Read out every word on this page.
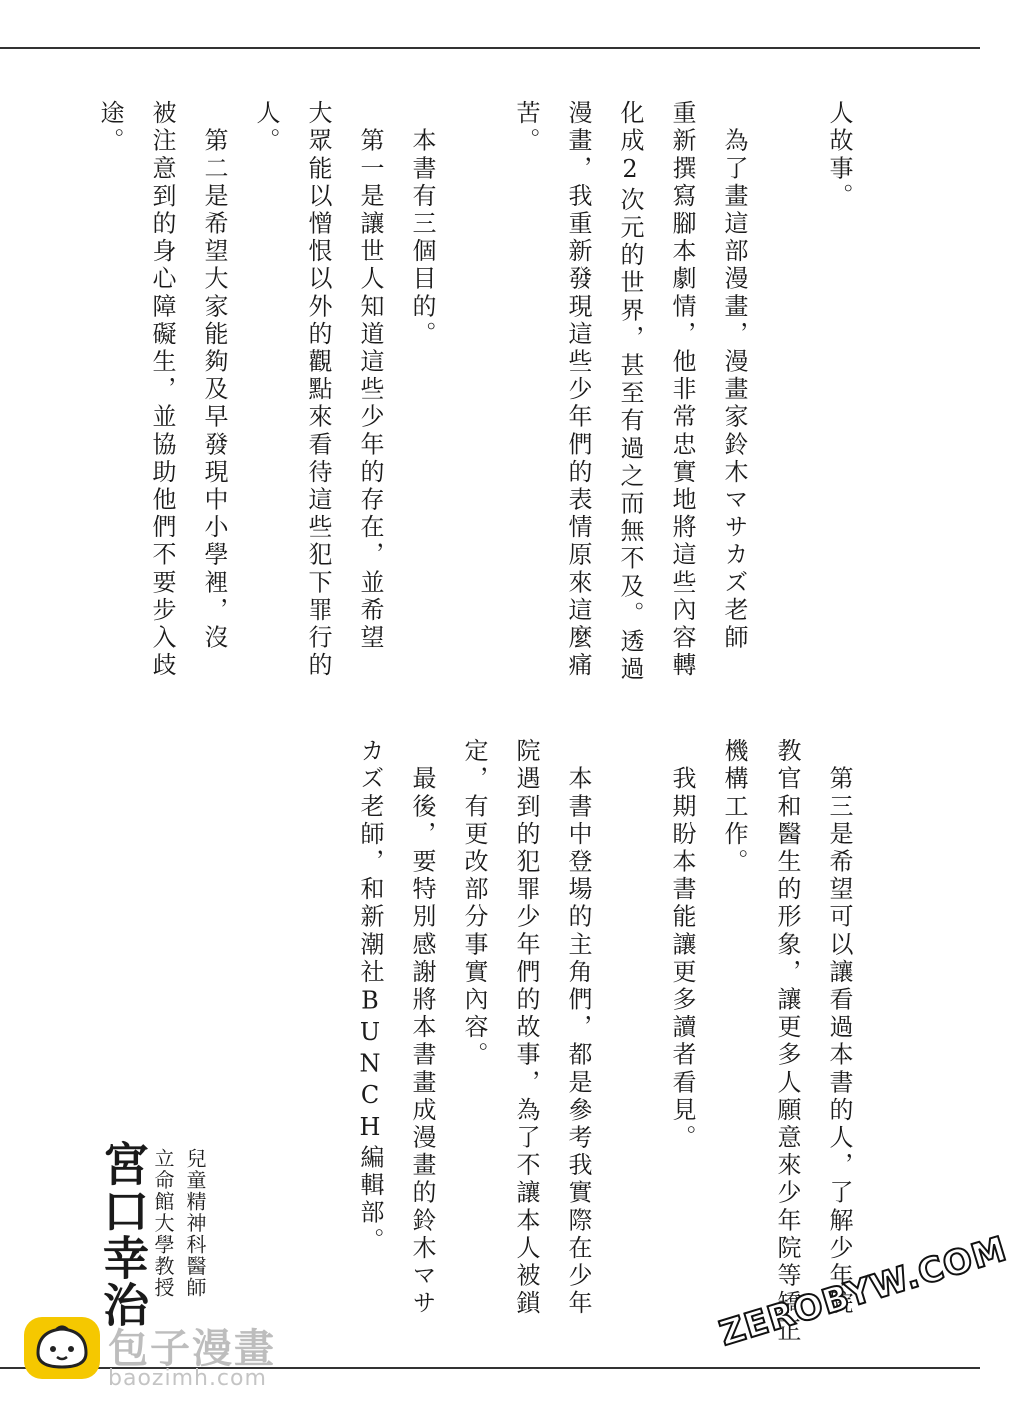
人故事。
　為了畫這部漫畫，漫畫家鈴木マサカズ老師
重新撰寫腳本劇情，他非常忠實地將這些內容轉
化成2次元的世界，甚至有過之而無不及。透過
漫畫，我重新發現這些少年們的表情原來這麼痛
苦。
　本書有三個目的。
　第一是讓世人知道這些少年的存在，並希望
大眾能以憎恨以外的觀點來看待這些犯下罪行的
人。
　第二是希望大家能夠及早發現中小學裡，沒
被注意到的身心障礙生，並協助他們不要步入歧
途。
　第三是希望可以讓看過本書的人，了解少年院
教官和醫生的形象，讓更多人願意來少年院等矯正
機構工作。
　我期盼本書能讓更多讀者看見。
　本書中登場的主角們，都是參考我實際在少年
院遇到的犯罪少年們的故事，為了不讓本人被鎖
定，有更改部分事實內容。
　最後，要特別感謝將本書畫成漫畫的鈴木マサ
カズ老師，和新潮社BUNCH編輯部。
兒童精神科醫師
立命館大學教授
宮口幸治
包子漫畫
baozimh.com
ZEROBYW.COM
